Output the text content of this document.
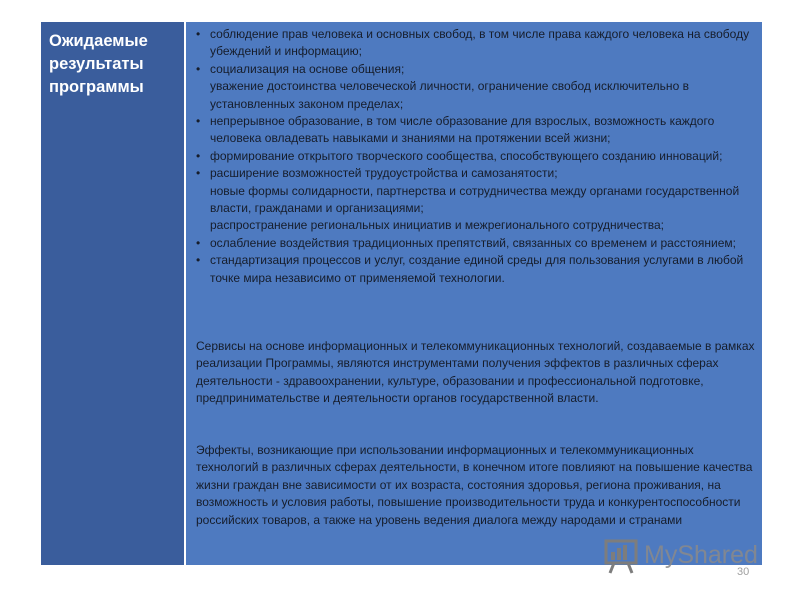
Ожидаемые результаты программы
• соблюдение прав человека и основных свобод, в том числе права каждого человека на свободу убеждений и информацию;
• социализация на основе общения;
уважение достоинства человеческой личности, ограничение свобод исключительно в установленных законом пределах;
• непрерывное образование, в том числе образование для взрослых, возможность каждого человека овладевать навыками и знаниями на протяжении всей жизни;
• формирование открытого творческого сообщества, способствующего созданию инноваций;
• расширение возможностей трудоустройства и самозанятости;
новые формы солидарности, партнерства и сотрудничества между органами государственной власти, гражданами и организациями;
распространение региональных инициатив и межрегионального сотрудничества;
• ослабление воздействия традиционных препятствий, связанных со временем и расстоянием;
• стандартизация процессов и услуг, создание единой среды для пользования услугами в любой точке мира независимо от применяемой технологии.

Сервисы на основе информационных и телекоммуникационных технологий, создаваемые в рамках реализации Программы, являются инструментами получения эффектов в различных сферах деятельности - здравоохранении, культуре, образовании и профессиональной подготовке, предпринимательстве и деятельности органов государственной власти.

Эффекты, возникающие при использовании информационных и телекоммуникационных технологий в различных сферах деятельности, в конечном итоге повлияют на повышение качества жизни граждан вне зависимости от их возраста, состояния здоровья, региона проживания, на возможность и условия работы, повышение производительности труда и конкурентоспособности российских товаров, а также на уровень ведения диалога между народами и странами

MyShared
30
